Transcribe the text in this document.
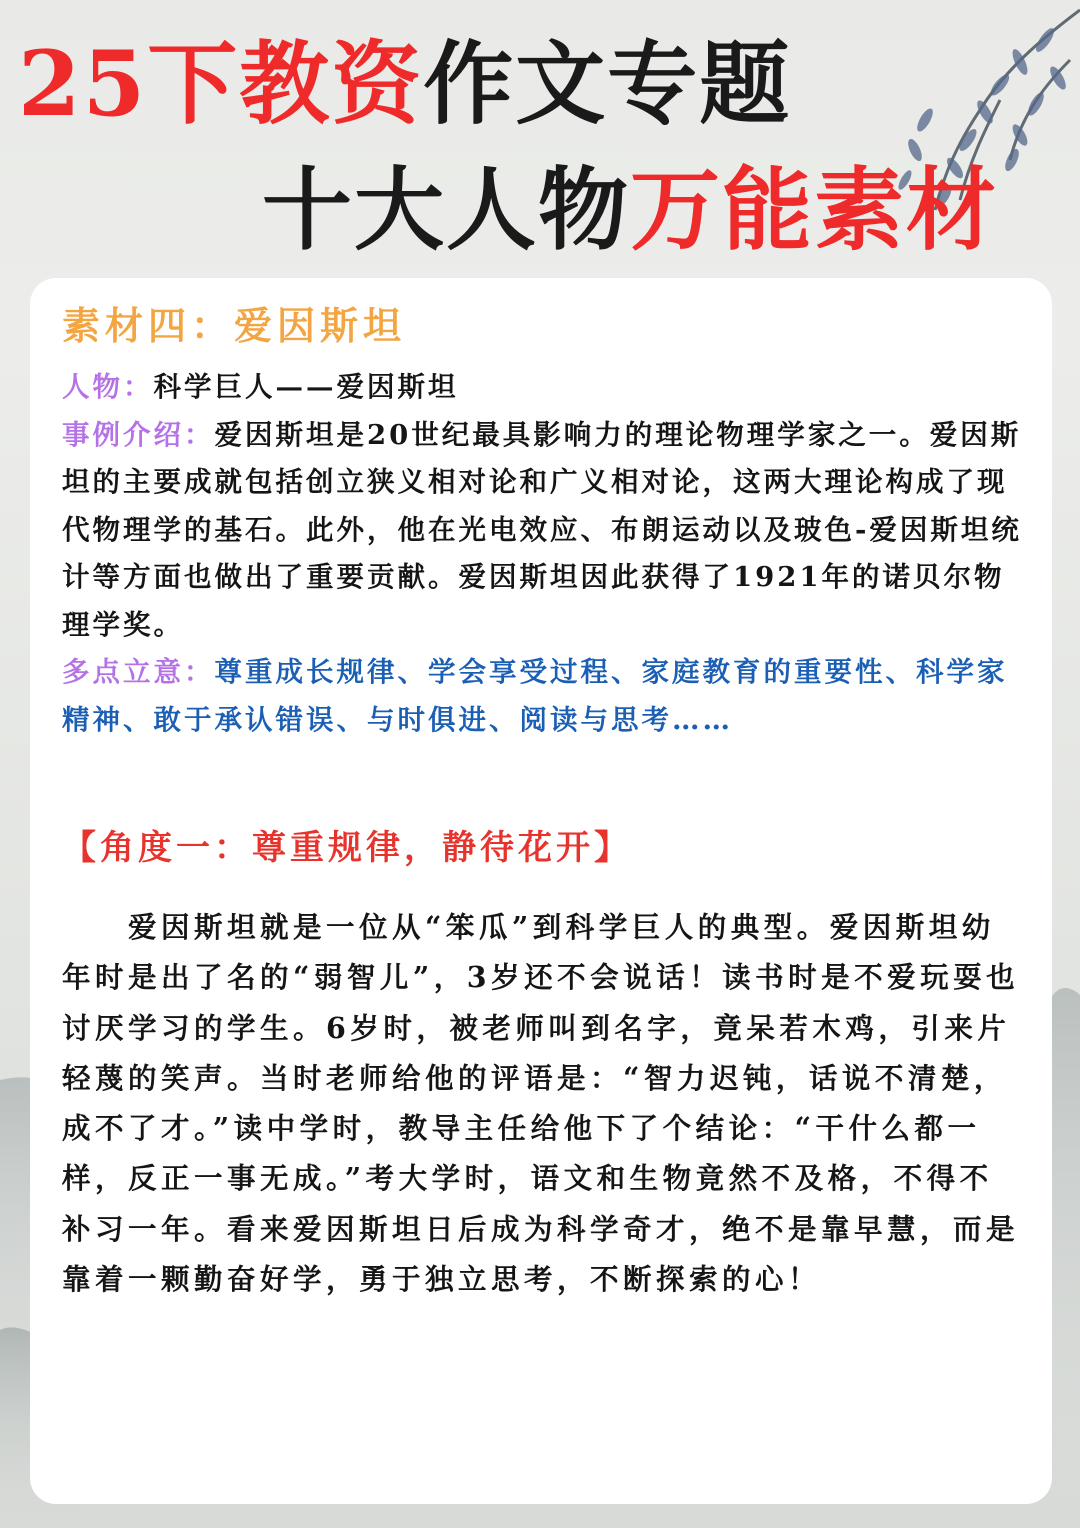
25下教资作文专题
十大人物万能素材

素材四：爱因斯坦

人物：科学巨人——爱因斯坦

事例介绍：爱因斯坦是20世纪最具影响力的理论物理学家之一。爱因斯坦的主要成就包括创立狭义相对论和广义相对论，这两大理论构成了现代物理学的基石。此外，他在光电效应、布朗运动以及玻色-爱因斯坦统计等方面也做出了重要贡献。爱因斯坦因此获得了1921年的诺贝尔物理学奖。

多点立意：尊重成长规律、学会享受过程、家庭教育的重要性、科学家精神、敢于承认错误、与时俱进、阅读与思考……

【角度一：尊重规律，静待花开】

爱因斯坦就是一位从“笨瓜”到科学巨人的典型。爱因斯坦幼年时是出了名的“弱智儿”，3岁还不会说话！读书时是不爱玩耍也讨厌学习的学生。6岁时，被老师叫到名字，竟呆若木鸡，引来片轻蔑的笑声。当时老师给他的评语是：“智力迟钝，话说不清楚，成不了才。”读中学时，教导主任给他下了个结论：“干什么都一样，反正一事无成。”考大学时，语文和生物竟然不及格，不得不补习一年。看来爱因斯坦日后成为科学奇才，绝不是靠早慧，而是靠着一颗勤奋好学，勇于独立思考，不断探索的心！
